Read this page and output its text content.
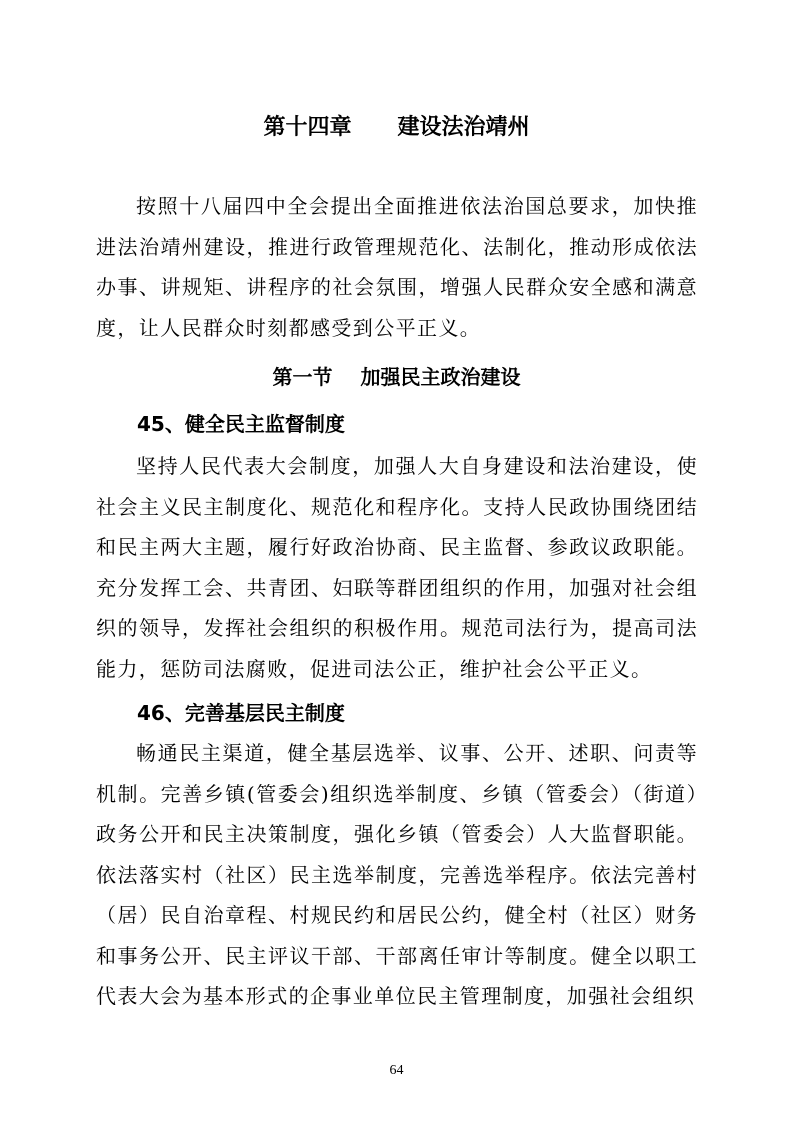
第十四章 建设法治靖州

按照十八届四中全会提出全面推进依法治国总要求，加快推进法治靖州建设，推进行政管理规范化、法制化，推动形成依法办事、讲规矩、讲程序的社会氛围，增强人民群众安全感和满意度，让人民群众时刻都感受到公平正义。

第一节 加强民主政治建设
45、健全民主监督制度

坚持人民代表大会制度，加强人大自身建设和法治建设，使社会主义民主制度化、规范化和程序化。支持人民政协围绕团结和民主两大主题，履行好政治协商、民主监督、参政议政职能。充分发挥工会、共青团、妇联等群团组织的作用，加强对社会组织的领导，发挥社会组织的积极作用。规范司法行为，提高司法能力，惩防司法腐败，促进司法公正，维护社会公平正义。

46、完善基层民主制度

畅通民主渠道，健全基层选举、议事、公开、述职、问责等机制。完善乡镇(管委会)组织选举制度、乡镇（管委会）（街道）政务公开和民主决策制度，强化乡镇（管委会）人大监督职能。依法落实村（社区）民主选举制度，完善选举程序。依法完善村（居）民自治章程、村规民约和居民公约，健全村（社区）财务和事务公开、民主评议干部、干部离任审计等制度。健全以职工代表大会为基本形式的企事业单位民主管理制度，加强社会组织

64
